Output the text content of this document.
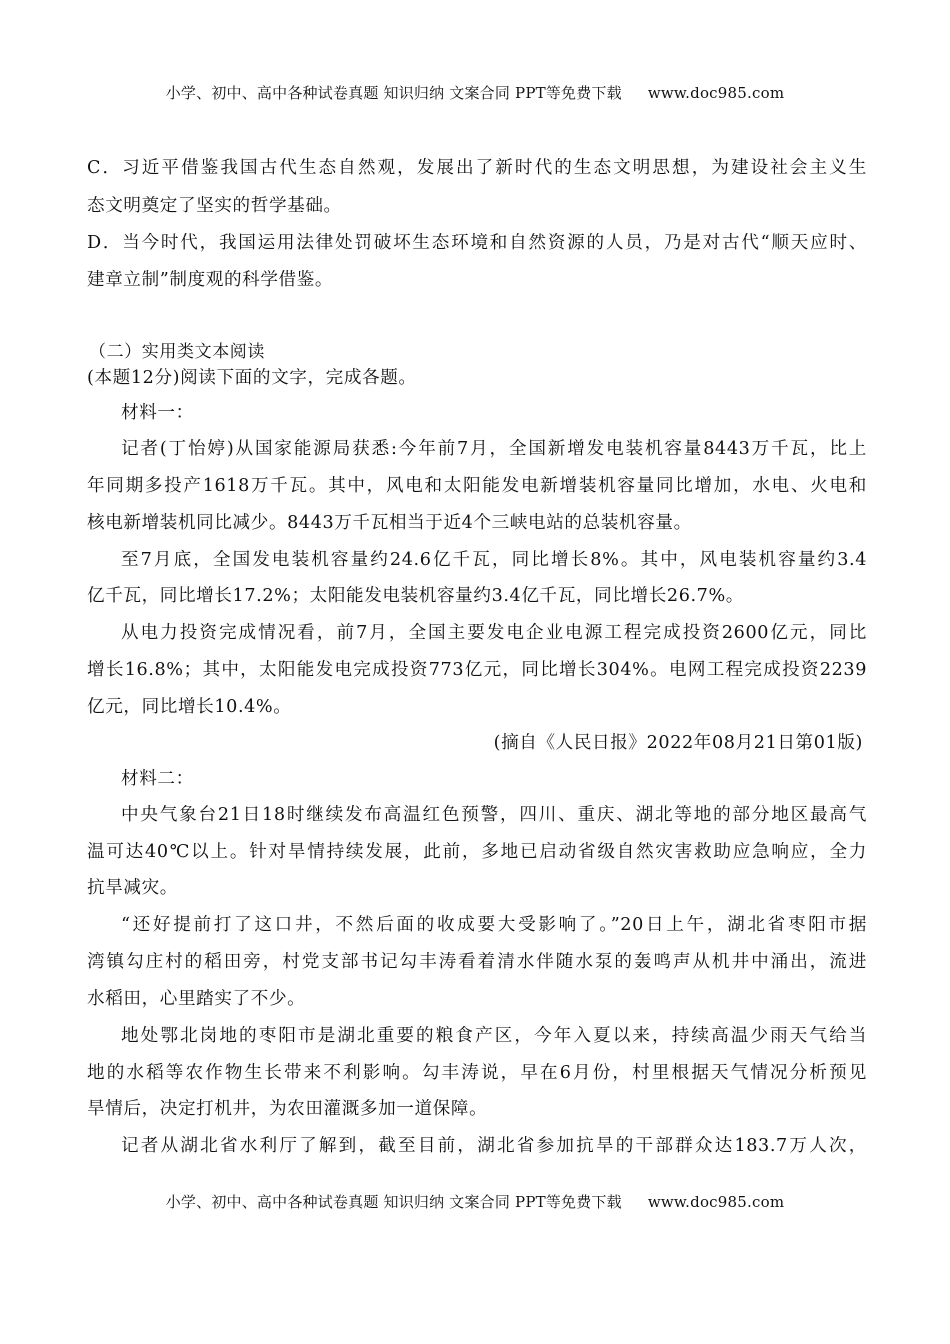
小学、初中、高中各种试卷真题 知识归纳 文案合同 PPT等免费下载 www.doc985.com
C．习近平借鉴我国古代生态自然观，发展出了新时代的生态文明思想，为建设社会主义生
态文明奠定了坚实的哲学基础。
D．当今时代，我国运用法律处罚破坏生态环境和自然资源的人员，乃是对古代“顺天应时、
建章立制”制度观的科学借鉴。
（二）实用类文本阅读
(本题12分)阅读下面的文字，完成各题。
材料一：
记者(丁怡婷)从国家能源局获悉:今年前7月，全国新增发电装机容量8443万千瓦，比上
年同期多投产1618万千瓦。其中，风电和太阳能发电新增装机容量同比增加，水电、火电和
核电新增装机同比减少。8443万千瓦相当于近4个三峡电站的总装机容量。
至7月底，全国发电装机容量约24.6亿千瓦，同比增长8%。其中，风电装机容量约3.4
亿千瓦，同比增长17.2%；太阳能发电装机容量约3.4亿千瓦，同比增长26.7%。
从电力投资完成情况看，前7月，全国主要发电企业电源工程完成投资2600亿元，同比
增长16.8%；其中，太阳能发电完成投资773亿元，同比增长304%。电网工程完成投资2239
亿元，同比增长10.4%。
(摘自《人民日报》2022年08月21日第01版)
材料二：
中央气象台21日18时继续发布高温红色预警，四川、重庆、湖北等地的部分地区最高气
温可达40℃以上。针对旱情持续发展，此前，多地已启动省级自然灾害救助应急响应，全力
抗旱减灾。
“还好提前打了这口井，不然后面的收成要大受影响了。”20日上午，湖北省枣阳市据
湾镇勾庄村的稻田旁，村党支部书记勾丰涛看着清水伴随水泵的轰鸣声从机井中涌出，流进
水稻田，心里踏实了不少。
地处鄂北岗地的枣阳市是湖北重要的粮食产区，今年入夏以来，持续高温少雨天气给当
地的水稻等农作物生长带来不利影响。勾丰涛说，早在6月份，村里根据天气情况分析预见
旱情后，决定打机井，为农田灌溉多加一道保障。
记者从湖北省水利厅了解到，截至目前，湖北省参加抗旱的干部群众达183.7万人次，
小学、初中、高中各种试卷真题 知识归纳 文案合同 PPT等免费下载 www.doc985.com
